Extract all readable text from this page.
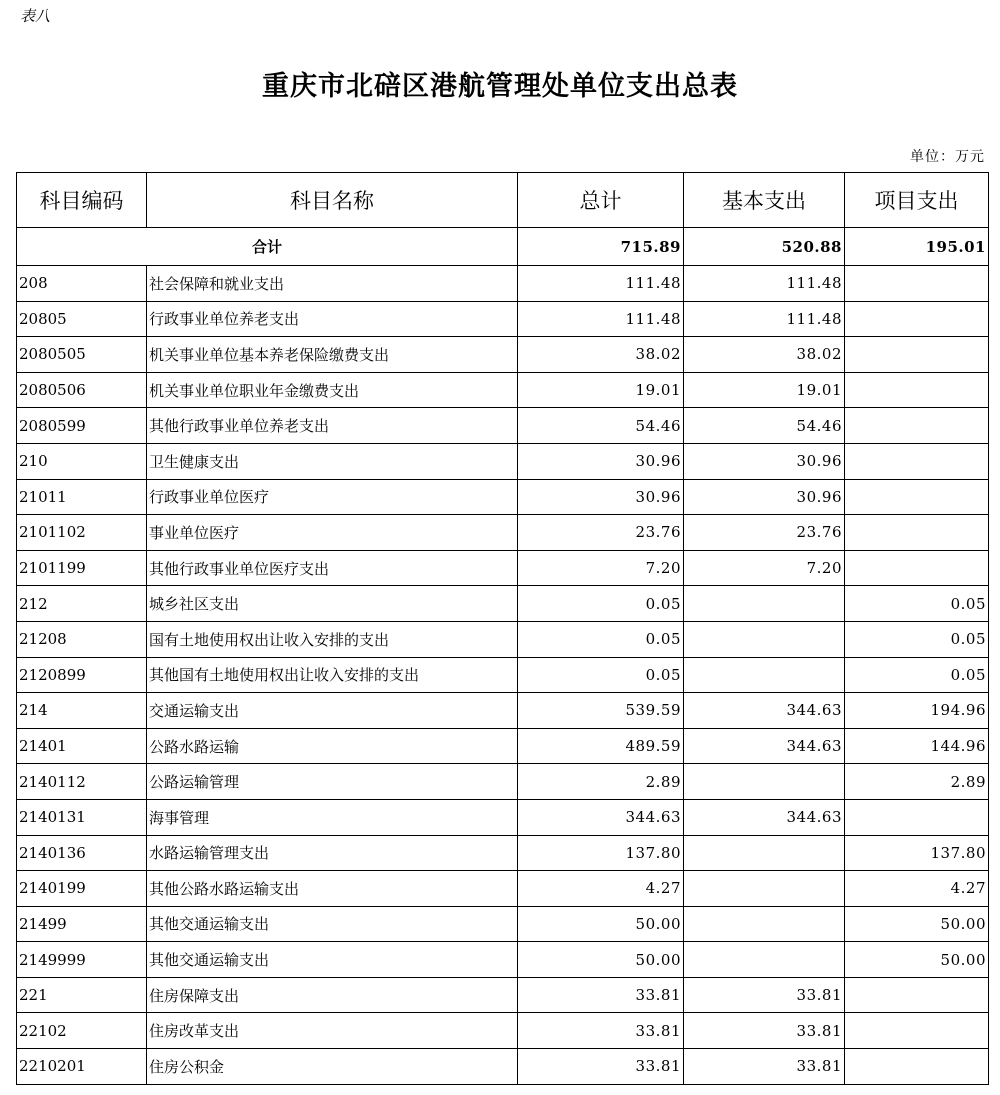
表八
重庆市北碚区港航管理处单位支出总表
单位：万元
科目编码	科目名称	总计	基本支出	项目支出
合计		715.89	520.88	195.01
208	社会保障和就业支出	111.48	111.48	
20805	行政事业单位养老支出	111.48	111.48	
2080505	机关事业单位基本养老保险缴费支出	38.02	38.02	
2080506	机关事业单位职业年金缴费支出	19.01	19.01	
2080599	其他行政事业单位养老支出	54.46	54.46	
210	卫生健康支出	30.96	30.96	
21011	行政事业单位医疗	30.96	30.96	
2101102	事业单位医疗	23.76	23.76	
2101199	其他行政事业单位医疗支出	7.20	7.20	
212	城乡社区支出	0.05		0.05
21208	国有土地使用权出让收入安排的支出	0.05		0.05
2120899	其他国有土地使用权出让收入安排的支出	0.05		0.05
214	交通运输支出	539.59	344.63	194.96
21401	公路水路运输	489.59	344.63	144.96
2140112	公路运输管理	2.89		2.89
2140131	海事管理	344.63	344.63	
2140136	水路运输管理支出	137.80		137.80
2140199	其他公路水路运输支出	4.27		4.27
21499	其他交通运输支出	50.00		50.00
2149999	其他交通运输支出	50.00		50.00
221	住房保障支出	33.81	33.81	
22102	住房改革支出	33.81	33.81	
2210201	住房公积金	33.81	33.81	
